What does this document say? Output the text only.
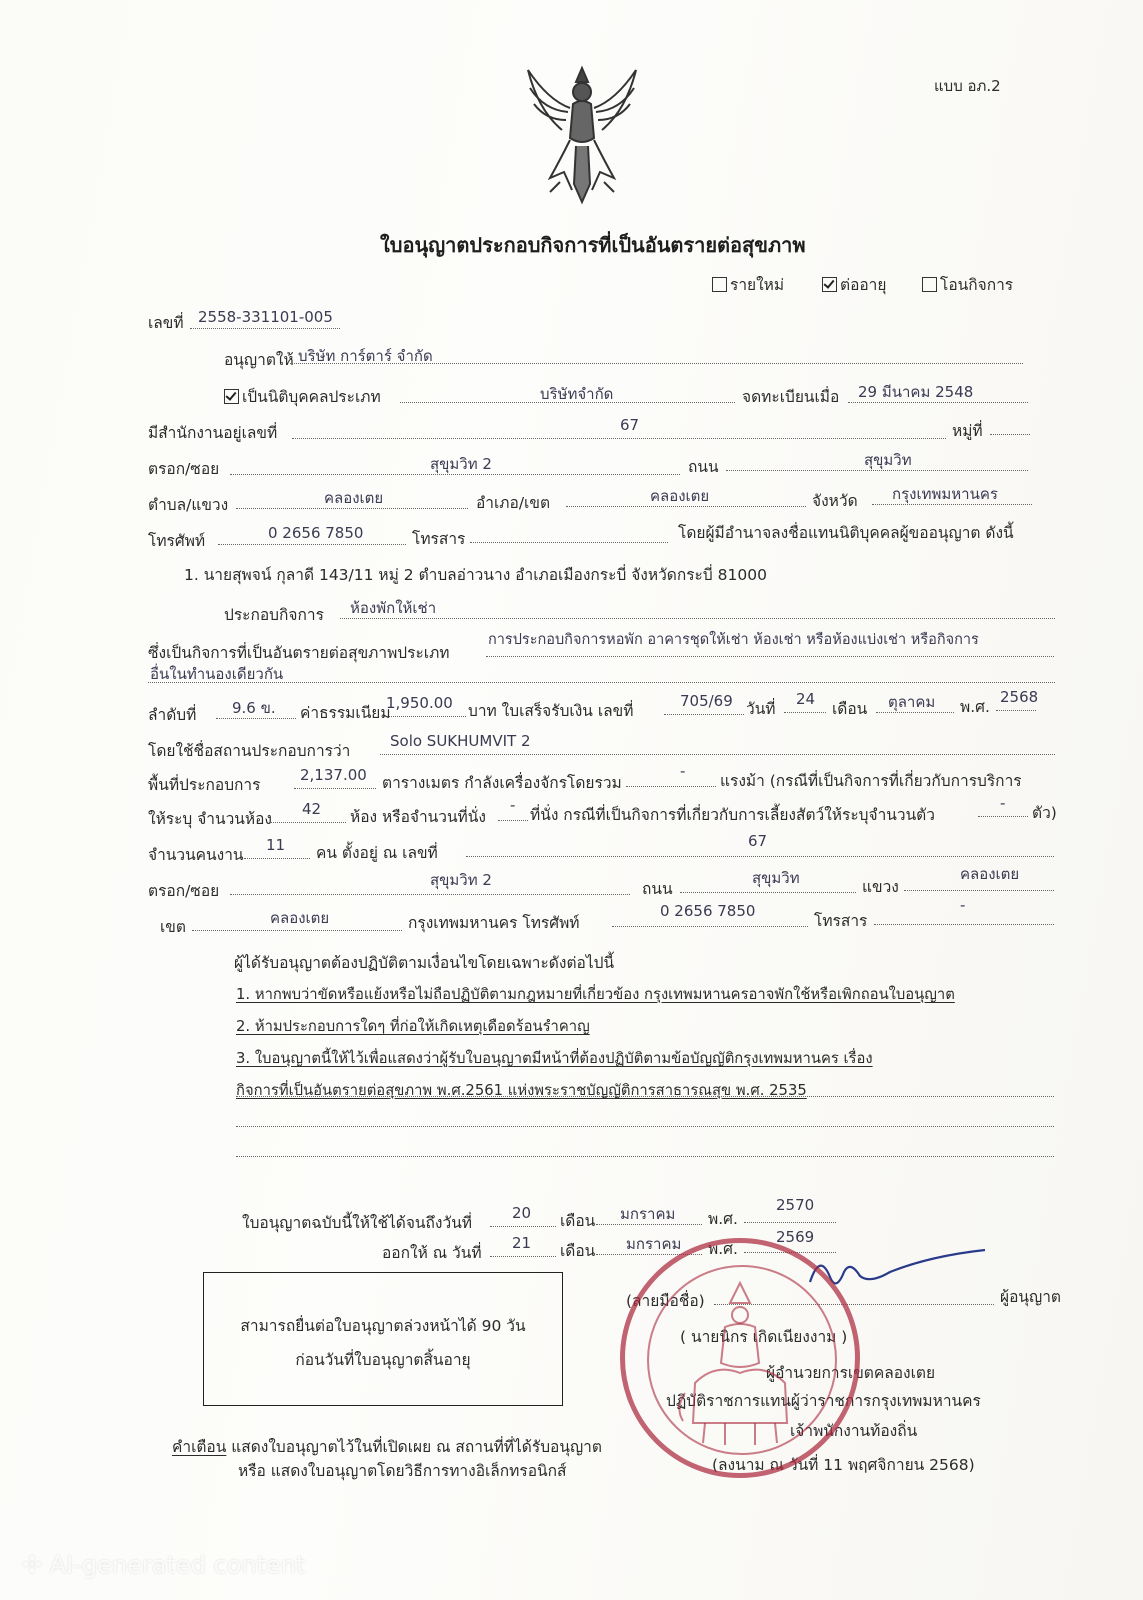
แบบ อภ.2
ใบอนุญาตประกอบกิจการที่เป็นอันตรายต่อสุขภาพ
รายใหม่	ต่ออายุ	โอนกิจการ
เลขที่ 2558-331101-005
อนุญาตให้ บริษัท การ์ตาร์ จำกัด
เป็นนิติบุคคลประเภท	บริษัทจำกัด	จดทะเบียนเมื่อ 29 มีนาคม 2548
มีสำนักงานอยู่เลขที่	67	หมู่ที่
ตรอก/ซอย	สุขุมวิท 2	ถนน	สุขุมวิท
ตำบล/แขวง	คลองเตย	อำเภอ/เขต	คลองเตย	จังหวัด กรุงเทพมหานคร
โทรศัพท์	0 2656 7850	โทรสาร	โดยผู้มีอำนาจลงชื่อแทนนิติบุคคลผู้ขออนุญาต ดังนี้
1. นายสุพจน์ กุลาดี 143/11 หมู่ 2 ตำบลอ่าวนาง อำเภอเมืองกระบี่ จังหวัดกระบี่ 81000
ประกอบกิจการ ห้องพักให้เช่า
ซึ่งเป็นกิจการที่เป็นอันตรายต่อสุขภาพประเภท
การประกอบกิจการหอพัก อาคารชุดให้เช่า ห้องเช่า หรือห้องแบ่งเช่า หรือกิจการ
อื่นในทำนองเดียวกัน
ลำดับที่ 9.6 ข. ค่าธรรมเนียม
1,950.00 บาท ใบเสร็จรับเงิน เลขที่
705/69 วันที่
24
เดือน ตุลาคม พ.ศ.
2568
โดยใช้ชื่อสถานประกอบการว่า
Solo SUKHUMVIT 2
พื้นที่ประกอบการ
2,137.00 ตารางเมตร กำลังเครื่องจักรโดยรวม
-
แรงม้า (กรณีที่เป็นกิจการที่เกี่ยวกับการบริการ
ให้ระบุ จำนวนห้อง
42 ห้อง หรือจำนวนที่นั่ง
-
ที่นั่ง กรณีที่เป็นกิจการที่เกี่ยวกับการเลี้ยงสัตว์ให้ระบุจำนวนตัว
-
ตัว)
จำนวนคนงาน
11 คน ตั้งอยู่ ณ เลขที่
67
ตรอก/ซอย
สุขุมวิท 2	ถนน
สุขุมวิท	แขวง
คลองเตย
เขต	คลองเตย	กรุงเทพมหานคร โทรศัพท์
0 2656 7850
โทรสาร
-
ผู้ได้รับอนุญาตต้องปฏิบัติตามเงื่อนไขโดยเฉพาะดังต่อไปนี้
1. หากพบว่าขัดหรือแย้งหรือไม่ถือปฏิบัติตามกฎหมายที่เกี่ยวข้อง กรุงเทพมหานครอาจพักใช้หรือเพิกถอนใบอนุญาต
2. ห้ามประกอบการใดๆ ที่ก่อให้เกิดเหตุเดือดร้อนรำคาญ
3. ใบอนุญาตนี้ให้ไว้เพื่อแสดงว่าผู้รับใบอนุญาตมีหน้าที่ต้องปฏิบัติตามข้อบัญญัติกรุงเทพมหานคร เรื่อง
กิจการที่เป็นอันตรายต่อสุขภาพ พ.ศ.2561 แห่งพระราชบัญญัติการสาธารณสุข พ.ศ. 2535
ใบอนุญาตฉบับนี้ให้ใช้ได้จนถึงวันที่
20 เดือน มกราคม พ.ศ.
2570
ออกให้ ณ วันที่
21 เดือน มกราคม พ.ศ.
2569
สามารถยื่นต่อใบอนุญาตล่วงหน้าได้ 90 วัน
ก่อนวันที่ใบอนุญาตสิ้นอายุ
(ลายมือชื่อ)	ผู้อนุญาต
( นายนิกร เกิดเนียงงาม )
ผู้อำนวยการเขตคลองเตย
ปฏิบัติราชการแทนผู้ว่าราชการกรุงเทพมหานคร
เจ้าพนักงานท้องถิ่น
(ลงนาม ณ วันที่ 11 พฤศจิกายน 2568)
คำเตือน แสดงใบอนุญาตไว้ในที่เปิดเผย ณ สถานที่ที่ได้รับอนุญาต
หรือ แสดงใบอนุญาตโดยวิธีการทางอิเล็กทรอนิกส์
✣ AI-generated content
